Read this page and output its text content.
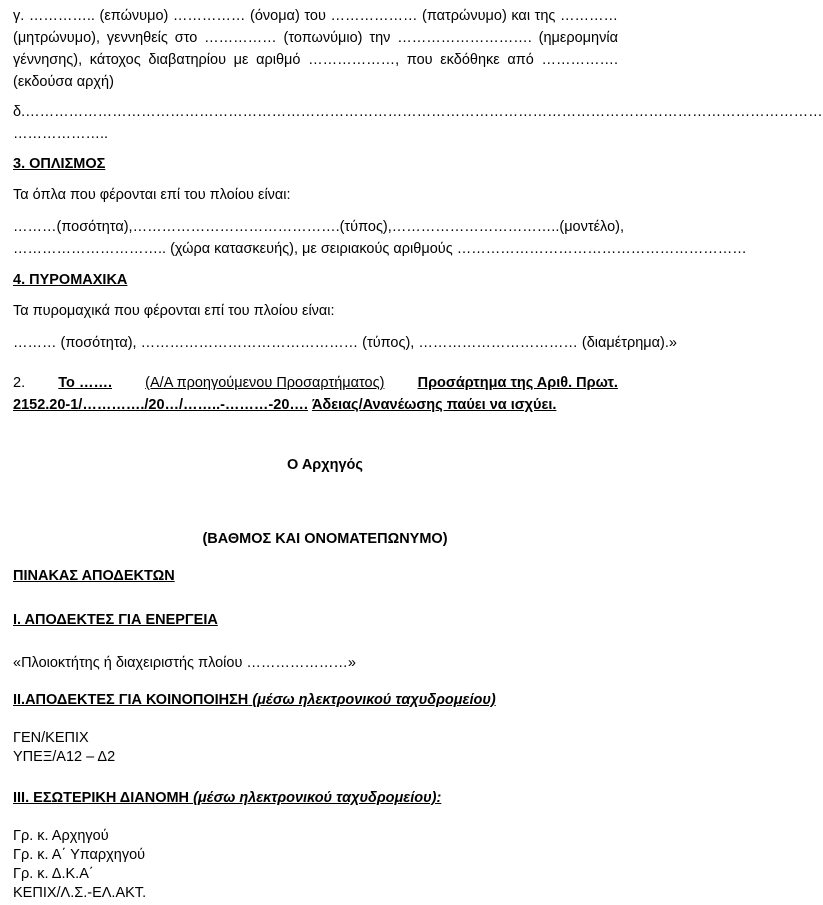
γ. ………….. (επώνυμο) …………… (όνομα) του ……………… (πατρώνυμο) και της …………
(μητρώνυμο), γεννηθείς στο …………… (τοπωνύμιο) την ………………………. (ημερομηνία
γέννησης), κάτοχος διαβατηρίου με αριθμό ………………, που εκδόθηκε από …………….
(εκδούσα αρχή)
δ.…………………………………………………………………………………………………………………………………………………
………………..
3. ΟΠΛΙΣΜΟΣ
Τα όπλα που φέρονται επί του πλοίου είναι:
……… (ποσότητα), ……………………………………. (τύπος), …………………………….. (μοντέλο),
………………………….. (χώρα κατασκευής), με σειριακούς αριθμούς ……………………………………………………
4. ΠΥΡΟΜΑΧΙΚΑ
Τα πυρομαχικά που φέρονται επί του πλοίου είναι:
……… (ποσότητα), ……………………………………… (τύπος), …………………………… (διαμέτρημα).»
2. Το ……. (Α/Α προηγούμενου Προσαρτήματος) Προσάρτημα της Αριθ. Πρωτ.
2152.20-1/…………./20…/……..-………-20…. Άδειας/Ανανέωσης παύει να ισχύει.
Ο Αρχηγός
(ΒΑΘΜΟΣ ΚΑΙ ΟΝΟΜΑΤΕΠΩΝΥΜΟ)
ΠΙΝΑΚΑΣ ΑΠΟΔΕΚΤΩΝ
Ι. ΑΠΟΔΕΚΤΕΣ ΓΙΑ ΕΝΕΡΓΕΙΑ
«Πλοιοκτήτης ή διαχειριστής πλοίου …………………»
ΙΙ.ΑΠΟΔΕΚΤΕΣ ΓΙΑ ΚΟΙΝΟΠΟΙΗΣΗ (μέσω ηλεκτρονικού ταχυδρομείου)
ΓΕΝ/ΚΕΠΙΧ
ΥΠΕΞ/Α12 – Δ2
ΙΙΙ. ΕΣΩΤΕΡΙΚΗ ΔΙΑΝΟΜΗ (μέσω ηλεκτρονικού ταχυδρομείου):
Γρ. κ. Αρχηγού
Γρ. κ. Α΄ Υπαρχηγού
Γρ. κ. Δ.Κ.Α΄
ΚΕΠΙΧ/Λ.Σ.-ΕΛ.ΑΚΤ.
